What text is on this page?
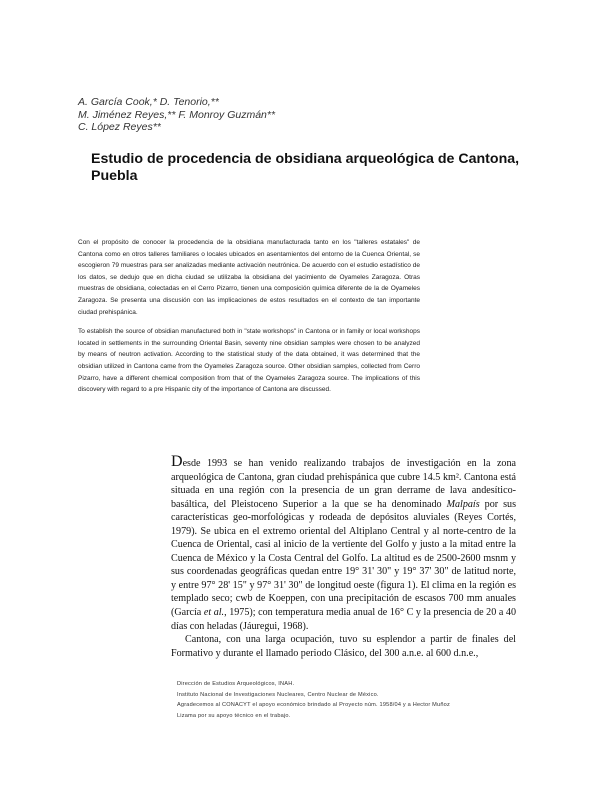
A. García Cook,* D. Tenorio,**
M. Jiménez Reyes,** F. Monroy Guzmán**
C. López Reyes**
Estudio de procedencia de obsidiana arqueológica de Cantona, Puebla

Con el propósito de conocer la procedencia de la obsidiana manufacturada tanto en los "talleres estatales" de Cantona como en otros talleres familiares o locales ubicados en asentamientos del entorno de la Cuenca Oriental, se escogieron 79 muestras para ser analizadas mediante activación neutrónica. De acuerdo con el estudio estadístico de los datos, se dedujo que en dicha ciudad se utilizaba la obsidiana del yacimiento de Oyameles Zaragoza. Otras muestras de obsidiana, colectadas en el Cerro Pizarro, tienen una composición química diferente de la de Oyameles Zaragoza. Se presenta una discusión con las implicaciones de estos resultados en el contexto de tan importante ciudad prehispánica.

To establish the source of obsidian manufactured both in "state workshops" in Cantona or in family or local workshops located in settlements in the surrounding Oriental Basin, seventy nine obsidian samples were chosen to be analyzed by means of neutron activation. According to the statistical study of the data obtained, it was determined that the obsidian utilized in Cantona came from the Oyameles Zaragoza source. Other obsidian samples, collected from Cerro Pizarro, have a different chemical composition from that of the Oyameles Zaragoza source. The implications of this discovery with regard to a pre Hispanic city of the importance of Cantona are discussed.

Desde 1993 se han venido realizando trabajos de investigación en la zona arqueológica de Cantona, gran ciudad prehispánica que cubre 14.5 km². Cantona está situada en una región con la presencia de un gran derrame de lava andesítico-basáltica, del Pleistoceno Superior a la que se ha denominado Malpaís por sus características geo-morfológicas y rodeada de depósitos aluviales (Reyes Cortés, 1979). Se ubica en el extremo oriental del Altiplano Central y al norte-centro de la Cuenca de Oriental, casi al inicio de la vertiente del Golfo y justo a la mitad entre la Cuenca de México y la Costa Central del Golfo. La altitud es de 2500-2600 msnm y sus coordenadas geográficas quedan entre 19° 31' 30" y 19° 37' 30" de latitud norte, y entre 97° 28' 15" y 97° 31' 30" de longitud oeste (figura 1). El clima en la región es templado seco; cwb de Koeppen, con una precipitación de escasos 700 mm anuales (García et al., 1975); con temperatura media anual de 16° C y la presencia de 20 a 40 días con heladas (Jáuregui, 1968).

Cantona, con una larga ocupación, tuvo su esplendor a partir de finales del Formativo y durante el llamado periodo Clásico, del 300 a.n.e. al 600 d.n.e.,

Dirección de Estudios Arqueológicos, INAH.
Instituto Nacional de Investigaciones Nucleares, Centro Nuclear de México.
Agradecemos al CONACYT el apoyo económico brindado al Proyecto núm. 1958/04 y a Hector Muñoz
Lizama por su apoyo técnico en el trabajo.
